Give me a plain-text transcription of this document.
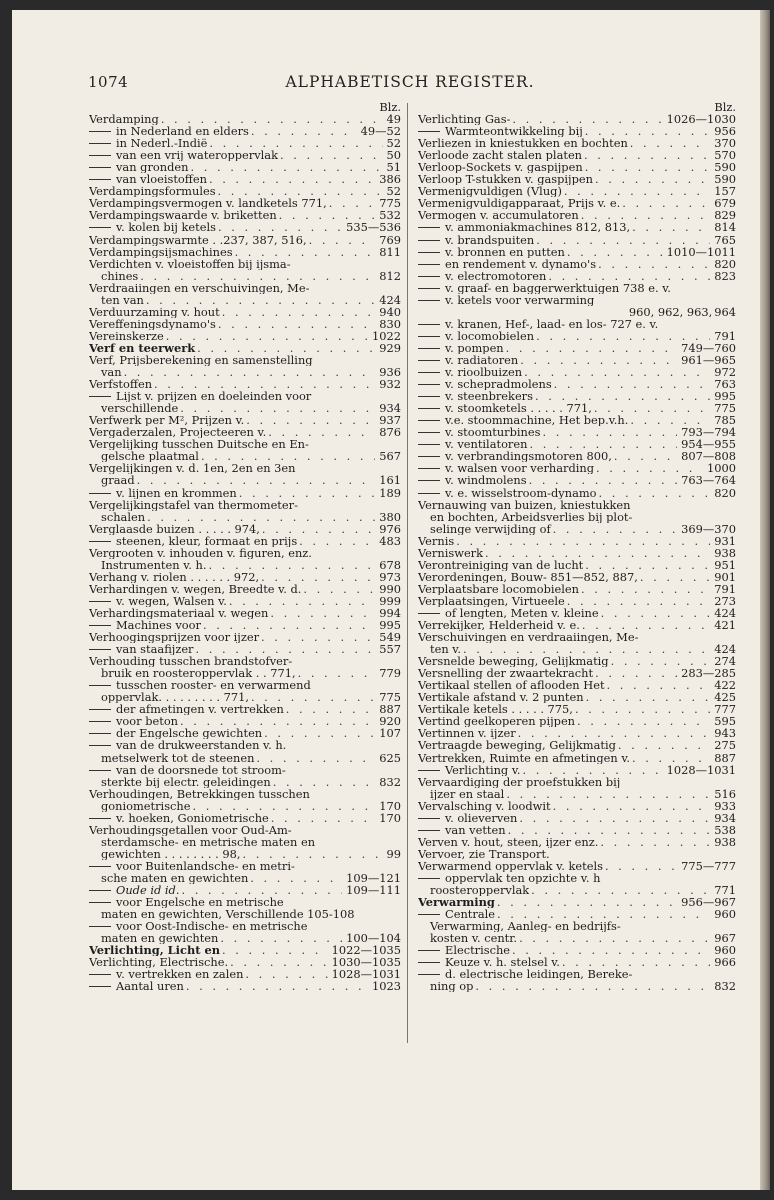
1074	ALPHABETISCH REGISTER.
Blz.
Verdamping . . .	49
in Nederland en elders . . .	49—52
in Nederl.-Indië . . .	52
van een vrij wateroppervlak . . .	50
van gronden . . .	51
van vloeistoffen . . .	386
Verdampingsformules . . .	52
Verdampingsvermogen v. landketels 771, . . .	775
Verdampingswaarde v. briketten . . .	532
v. kolen bij ketels . . .	535—536
Verdampingswarmte . .237, 387, 516, . . .	769
Verdampingsijsmachines . . .	811
Verdichten v. vloeistoffen bij ijsma-
chines . . .	812
Verdraaiingen en verschuivingen, Me-
ten van . . .	424
Verduurzaming v. hout . . .	940
Vereffeningsdynamo's . . .	830
Vereinskerze . . .	1022
Verf en teerwerk . . .	929
Verf, Prijsberekening en samenstelling
van . . .	936
Verfstoffen . . .	932
Lijst v. prijzen en doeleinden voor
verschillende . . .	934
Verfwerk per M², Prijzen v. . . .	937
Vergaderzalen, Projecteeren v. . . .	876
Vergelijking tusschen Duitsche en En-
gelsche plaatmal . . .	567
Vergelijkingen v. d. 1en, 2en en 3en
graad . . .	161
v. lijnen en krommen . . .	189
Vergelijkingstafel van thermometer-
schalen . . .	380
Verglaasde buizen . . . . . 974, . . .	976
steenen, kleur, formaat en prijs . . .	483
Vergrooten v. inhouden v. figuren, enz.
Instrumenten v. h. . . .	678
Verhang v. riolen . . . . . . 972, . . .	973
Verhardingen v. wegen, Breedte v. d. . . .	990
v. wegen, Walsen v. . . .	999
Verhardingsmateriaal v. wegen . . .	994
Machines voor . . .	995
Verhoogingsprijzen voor ijzer . . .	549
van staafijzer . . .	557
Verhouding tusschen brandstofver-
bruik en roosteroppervlak . . 771, . . .	779
tusschen rooster- en verwarmend
oppervlak. . . . . . . . . 771, . . .	775
der afmetingen v. vertrekken . . .	887
voor beton . . .	920
der Engelsche gewichten . . .	107
van de drukweerstanden v. h.
metselwerk tot de steenen . . .	625
van de doorsnede tot stroom-
sterkte bij electr. geleidingen . . .	832
Verhoudingen, Betrekkingen tusschen
goniometrische . . .	170
v. hoeken, Goniometrische . . .	170
Verhoudingsgetallen voor Oud-Am-
sterdamsche- en metrische maten en
gewichten . . . . . . . . 98, . . .	99
voor Buitenlandsche- en metri-
sche maten en gewichten . . .	109—121
Oude id id. . . .	109—111
voor Engelsche en metrische
maten en gewichten, Verschillende 105-108
voor Oost-Indische- en metrische
maten en gewichten . . .	100—104
Verlichting, Licht en . . .	1022—1035
Verlichting, Electrische. . . .	1030—1035
v. vertrekken en zalen . . .	1028—1031
Aantal uren . . .	1023
Blz.
Verlichting Gas- . . .	1026—1030
Warmteontwikkeling bij . . .	956
Verliezen in kniestukken en bochten . . .	370
Verloode zacht stalen platen . . .	570
Verloop-Sockets v. gaspijpen . . .	590
Verloop T-stukken v. gaspijpen . . .	590
Vermenigvuldigen (Vlug) . . .	157
Vermenigvuldigapparaat, Prijs v. e. . . .	679
Vermogen v. accumulatoren . . .	829
v. ammoniakmachines 812, 813, . . .	814
v. brandspuiten . . .	765
v. bronnen en putten . . .	1010—1011
en rendement v. dynamo's . . .	820
v. electromotoren . . .	823
v. graaf- en baggerwerktuigen 738 e. v.
v. ketels voor verwarming
960, 962, 963, 964
v. kranen, Hef-, laad- en los- 727 e. v.
v. locomobielen . . .	791
v. pompen . . .	749—760
v. radiatoren . . .	961—965
v. rioolbuizen . . .	972
v. schepradmolens . . .	763
v. steenbrekers . . .	995
v. stoomketels . . . . . 771, . . .	775
v.e. stoommachine, Het bep.v.h. . . .	785
v. stoomturbines . . .	793—794
v. ventilatoren . . .	954—955
v. verbrandingsmotoren 800, . . .	807—808
v. walsen voor verharding . . .	1000
v. windmolens . . .	763—764
v. e. wisselstroom-dynamo . . .	820
Vernauwing van buizen, kniestukken
en bochten, Arbeidsverlies bij plot-
selinge verwijding of . . .	369—370
Vernis . . .	931
Verniswerk . . .	938
Verontreiniging van de lucht . . .	951
Verordeningen, Bouw- 851—852, 887, . . .	901
Verplaatsbare locomobielen . . .	791
Verplaatsingen, Virtueele . . .	273
of lengten, Meten v. kleine . . .	424
Verrekijker, Helderheid v. e. . . .	421
Verschuivingen en verdraaiingen, Me-
ten v. . . .	424
Versnelde beweging, Gelijkmatig . . .	274
Versnelling der zwaartekracht . . .	283—285
Vertikaal stellen of aflooden Het . . .	422
Vertikale afstand v. 2 punten . . .	425
Vertikale ketels . . . . . 775, . . .	777
Vertind geelkoperen pijpen . . .	595
Vertinnen v. ijzer . . .	943
Vertraagde beweging, Gelijkmatig . . .	275
Vertrekken, Ruimte en afmetingen v. . . .	887
Verlichting v. . . .	1028—1031
Vervaardiging der proefstukken bij
ijzer en staal . . .	516
Vervalsching v. loodwit . . .	933
v. olieverven . . .	934
van vetten . . .	538
Verven v. hout, steen, ijzer enz. . . .	938
Vervoer, zie Transport.
Verwarmend oppervlak v. ketels . . .	775—777
oppervlak ten opzichte v. h
roosteroppervlak . . .	771
Verwarming . . .	956—967
Centrale . . .	960
Verwarming, Aanleg- en bedrijfs-
kosten v. centr. . . .	967
Electrische . . .	960
Keuze v. h. stelsel v. . . .	966
d. electrische leidingen, Bereke-
ning op . . .	832
